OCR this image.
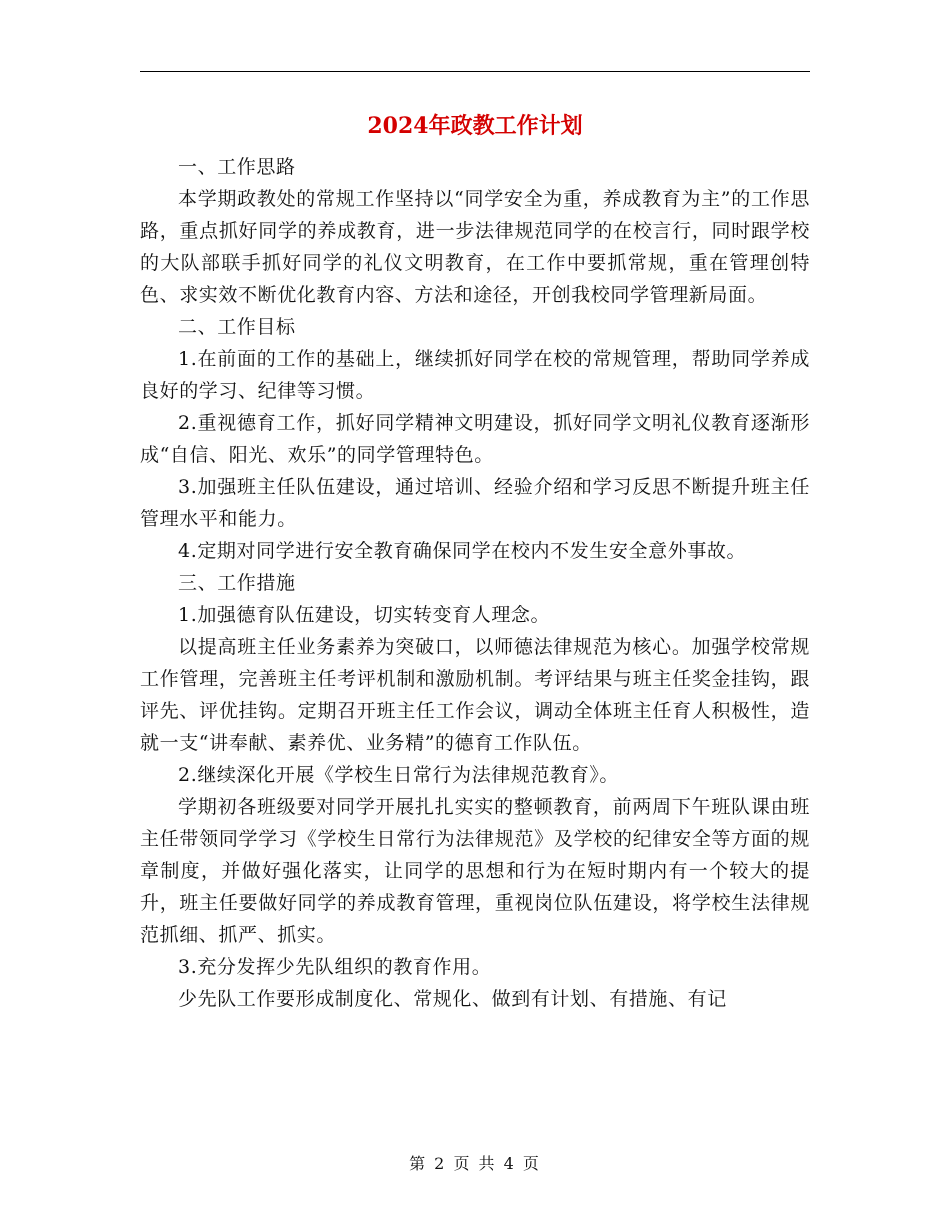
2024年政教工作计划

一、工作思路

本学期政教处的常规工作坚持以“同学安全为重，养成教育为主”的工作思路，重点抓好同学的养成教育，进一步法律规范同学的在校言行，同时跟学校的大队部联手抓好同学的礼仪文明教育，在工作中要抓常规，重在管理创特色、求实效不断优化教育内容、方法和途径，开创我校同学管理新局面。

二、工作目标

1.在前面的工作的基础上，继续抓好同学在校的常规管理，帮助同学养成良好的学习、纪律等习惯。

2.重视德育工作，抓好同学精神文明建设，抓好同学文明礼仪教育逐渐形成“自信、阳光、欢乐”的同学管理特色。

3.加强班主任队伍建设，通过培训、经验介绍和学习反思不断提升班主任管理水平和能力。

4.定期对同学进行安全教育确保同学在校内不发生安全意外事故。

三、工作措施

1.加强德育队伍建设，切实转变育人理念。

以提高班主任业务素养为突破口，以师德法律规范为核心。加强学校常规工作管理，完善班主任考评机制和激励机制。考评结果与班主任奖金挂钩，跟评先、评优挂钩。定期召开班主任工作会议，调动全体班主任育人积极性，造就一支“讲奉献、素养优、业务精”的德育工作队伍。

2.继续深化开展《学校生日常行为法律规范教育》。

学期初各班级要对同学开展扎扎实实的整顿教育，前两周下午班队课由班主任带领同学学习《学校生日常行为法律规范》及学校的纪律安全等方面的规章制度，并做好强化落实，让同学的思想和行为在短时期内有一个较大的提升，班主任要做好同学的养成教育管理，重视岗位队伍建设，将学校生法律规范抓细、抓严、抓实。

3.充分发挥少先队组织的教育作用。

少先队工作要形成制度化、常规化、做到有计划、有措施、有记

第 2 页 共 4 页
